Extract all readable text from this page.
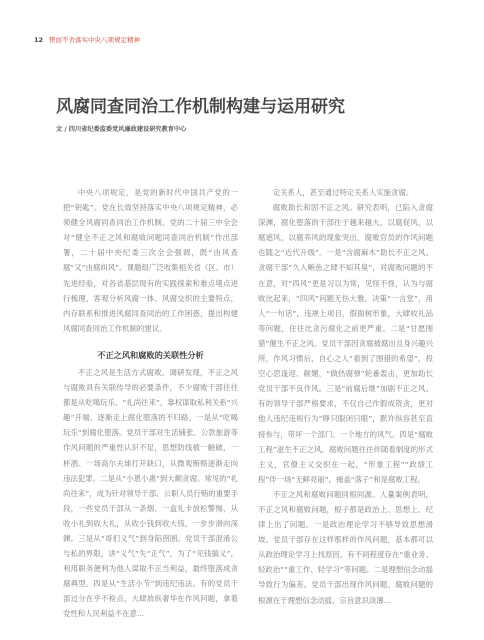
12 锲而不舍落实中央八项规定精神
风腐同查同治工作机制构建与运用研究
文 / 四川省纪委监委党风廉政建设研究教育中心

中央八项规定，是党的新时代中国共产党的一把“钥匙”。党在长效坚持落实中央八项规定精神，必须健全风腐同查同治工作机制。党的二十届三中全会对“健全不正之风和腐败问题同查同治机制”作出部署，二十届中央纪委三次全会强调，既“由风查腐”又“由腐纠风”。课题组广泛收集相关省（区、市）先进经验，对各省基层现有的实践探索和难点堵点进行梳理，客观分析风腐一体、风腐交织的主要特点，内存联系和推进风腐同查同治的工作困惑，提出构建风腐同查同治工作机制的建议。

不正之风和腐败的关联性分析

不正之风是生活方式腐败。调研发现，不正之风与腐败具有关联传导的必要条件，不少腐败干部往往都是从吃喝玩乐、“礼尚往来”，靠权谋取私利关系“兴趣”开端，逐渐走上腐化堕落的不归路。一是从“吃喝玩乐”到腐化堕落。党员干部对生活铺张、公款旅游等作风问题的严重性认识不足，思想防线被一触破，一杯酒、一场高尔夫球打开缺口，从微观贿赂逐渐走向违法犯罪。二是从“小恩小惠”到大额贪腐。常见的“礼尚往来”，成为针对领导干部、公职人员行贿的重要手段，一些党员干部从一条烟、一盒礼卡放松警惕，从收小礼到收大礼，从收小钱到收大钱，一步步滑向深渊。三是从“哥们义气”到身陷囹圄。党员干部混淆公与私的界限，讲“义气”失“正气”，为了“见钱搞义”，利用职务便利为他人谋取不正当利益，最终堕落成贪腐典型。四是从“生活小节”到违纪违法。有的党员干部过分在乎不检点，大肆放纵奢华在作风问题，拿着党性和人民利益不在意...

定关系人，甚至通过特定关系人实施贪腐。

腐败助长和固不正之风。研究表明，已陷入贪腐深渊，腐化堕落的干部往于越来越大，以腐促风，以腐遮风，以腐养风的现象突出，腐败官员的作风问题也随之“近代升级”。一是“含腐麻木”助长不正之风。贪腐干部“久入鲍鱼之肆不知其臭”，对腐败问题的不在意，对“四风”更是习以为常，见怪不怪，认为与腐败比起来，“四风”问题无伤大雅，决策“一言堂”，用人“一句话”，违规上项目，假面树形象，大肆收礼品等问题，住往比贪污腐化之前更严重。二是“甘愿围猎”催生不正之风。党员干部因贪腐被腐出且身兴趣兴所，作风习惯后，自心之人“看到了围猎的希望”，投空心思逢迎、献媚，“做热腐弹”轮番轰击，更加助长党员干部不良作风。三是“前腐后继”加剧不正之风。有的领导干部严格要求，不仅自己作假成资贪，更对他人违纪违规行为“睁只眼闭只眼”，默许纵容甚至直接参与，带坏一个部门、一个地方的风气。四是“腐败工程”滋生不正之风。腐败问题往往伴随着制度的形式主义，官僚主义交织在一起，“形象工程”“政绩工程”伴一场“无鲜亮丽”，掩盖“落子”和是腐败工程。

不正之风和腐败问题同根同源。人量案例表明，不正之风和腐败问题，根子都是政治上、思想上、纪律上出了问题。一是政治理论学习不够导致思想滑坡。党员干部存在这样那样的作风问题，基本都可以从政治理论学习上找原因，有不同程度存在“重业务、轻政治”“重工作、轻学习”等问题。二是理想信念动摇导致行为偏差。党员干部出现作风问题、腐败问题的根源在于理想信念动摇、宗旨意识淡薄...
